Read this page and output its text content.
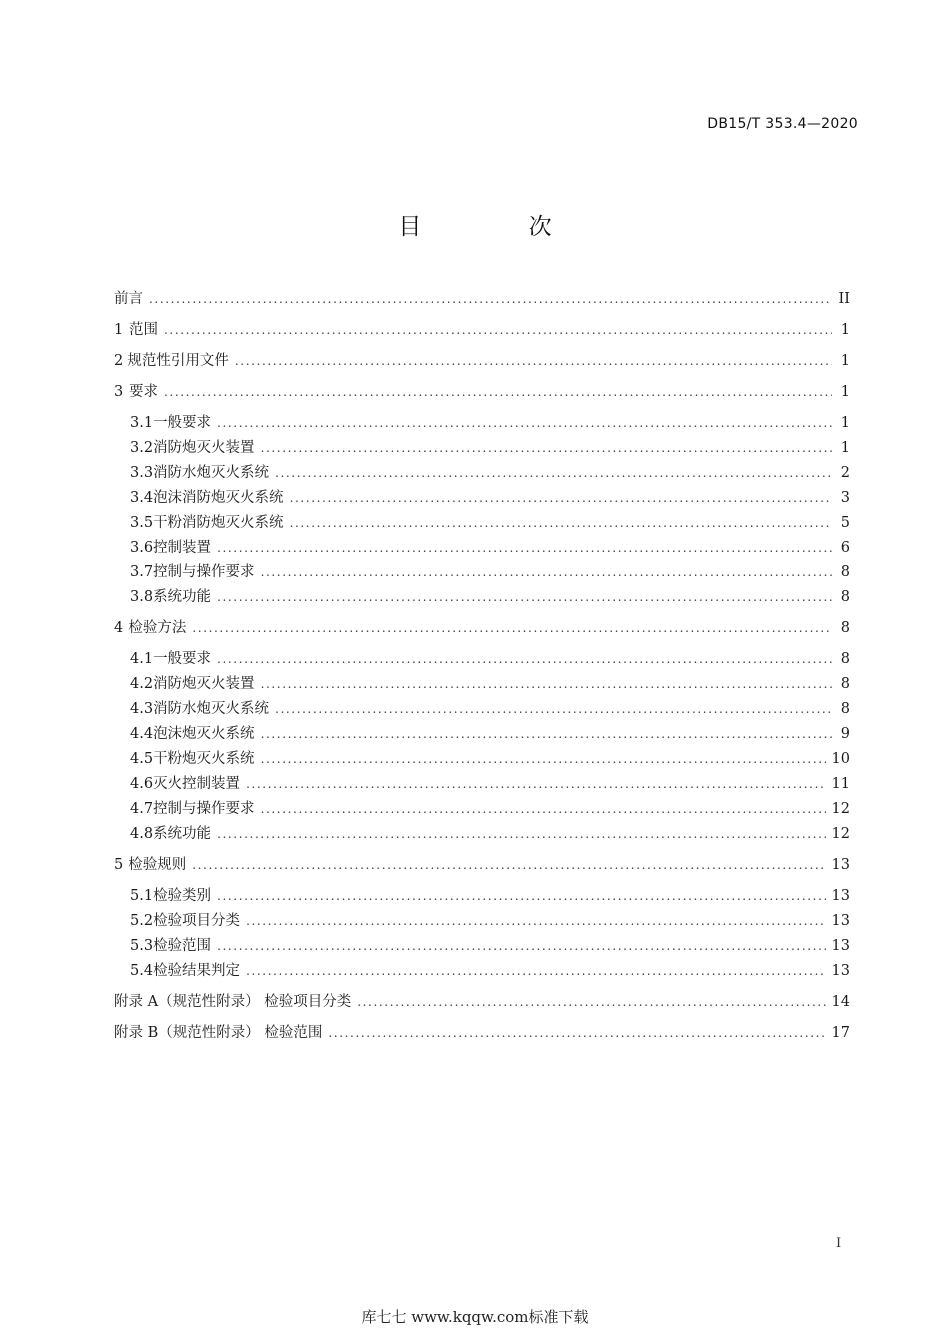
DB15/T 353.4—2020
目 次
前言 .....	II
1 范围 .....	1
2 规范性引用文件 .....	1
3 要求 .....	1
3.1 一般要求 .....	1
3.2 消防炮灭火装置 .....	1
3.3 消防水炮灭火系统 .....	2
3.4 泡沫消防炮灭火系统 .....	3
3.5 干粉消防炮灭火系统 .....	5
3.6 控制装置 .....	6
3.7 控制与操作要求 .....	8
3.8 系统功能 .....	8
4 检验方法 .....	8
4.1 一般要求 .....	8
4.2 消防炮灭火装置 .....	8
4.3 消防水炮灭火系统 .....	8
4.4 泡沫炮灭火系统 .....	9
4.5 干粉炮灭火系统 .....	10
4.6 灭火控制装置 .....	11
4.7 控制与操作要求 .....	12
4.8 系统功能 .....	12
5 检验规则 .....	13
5.1 检验类别 .....	13
5.2 检验项目分类 .....	13
5.3 检验范围 .....	13
5.4 检验结果判定 .....	13
附录 A（规范性附录） 检验项目分类 .....	14
附录 B（规范性附录） 检验范围 .....	17
I
库七七 www.kqqw.com标准下载
